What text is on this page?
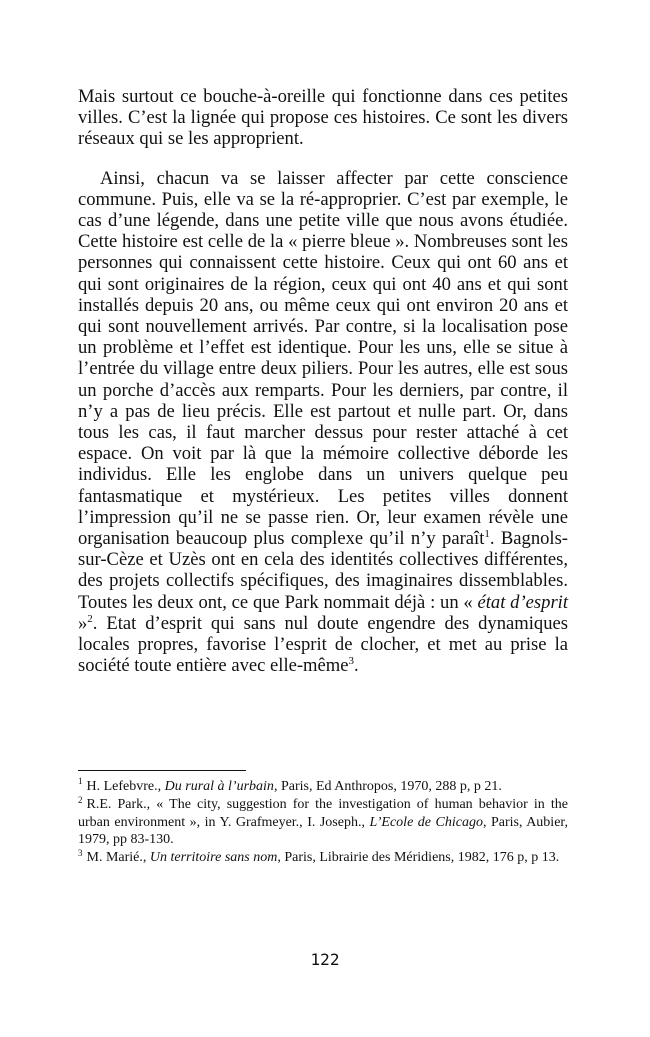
Mais surtout ce bouche-à-oreille qui fonctionne dans ces petites villes. C’est la lignée qui propose ces histoires. Ce sont les divers réseaux qui se les approprient.

Ainsi, chacun va se laisser affecter par cette conscience commune. Puis, elle va se la ré-approprier. C’est par exemple, le cas d’une légende, dans une petite ville que nous avons étudiée. Cette histoire est celle de la « pierre bleue ». Nombreuses sont les personnes qui connaissent cette histoire. Ceux qui ont 60 ans et qui sont originaires de la région, ceux qui ont 40 ans et qui sont installés depuis 20 ans, ou même ceux qui ont environ 20 ans et qui sont nouvellement arrivés. Par contre, si la localisation pose un problème et l’effet est identique. Pour les uns, elle se situe à l’entrée du village entre deux piliers. Pour les autres, elle est sous un porche d’accès aux remparts. Pour les derniers, par contre, il n’y a pas de lieu précis. Elle est partout et nulle part. Or, dans tous les cas, il faut marcher dessus pour rester attaché à cet espace. On voit par là que la mémoire collective déborde les individus. Elle les englobe dans un univers quelque peu fantasmatique et mystérieux. Les petites villes donnent l’impression qu’il ne se passe rien. Or, leur examen révèle une organisation beaucoup plus complexe qu’il n’y paraît$^1$. Bagnols-sur-Cèze et Uzès ont en cela des identités collectives différentes, des projets collectifs spécifiques, des imaginaires dissemblables. Toutes les deux ont, ce que Park nommait déjà : un « état d’esprit »$^2$. Etat d’esprit qui sans nul doute engendre des dynamiques locales propres, favorise l’esprit de clocher, et met au prise la société toute entière avec elle-même$^3$.

$^1$ H. Lefebvre., Du rural à l’urbain, Paris, Ed Anthropos, 1970, 288 p, p 21.

$^2$ R.E. Park., « The city, suggestion for the investigation of human behavior in the urban environment », in Y. Grafmeyer., I. Joseph., L’Ecole de Chicago, Paris, Aubier, 1979, pp 83-130.

$^3$ M. Marié., Un territoire sans nom, Paris, Librairie des Méridiens, 1982, 176 p, p 13.

122
